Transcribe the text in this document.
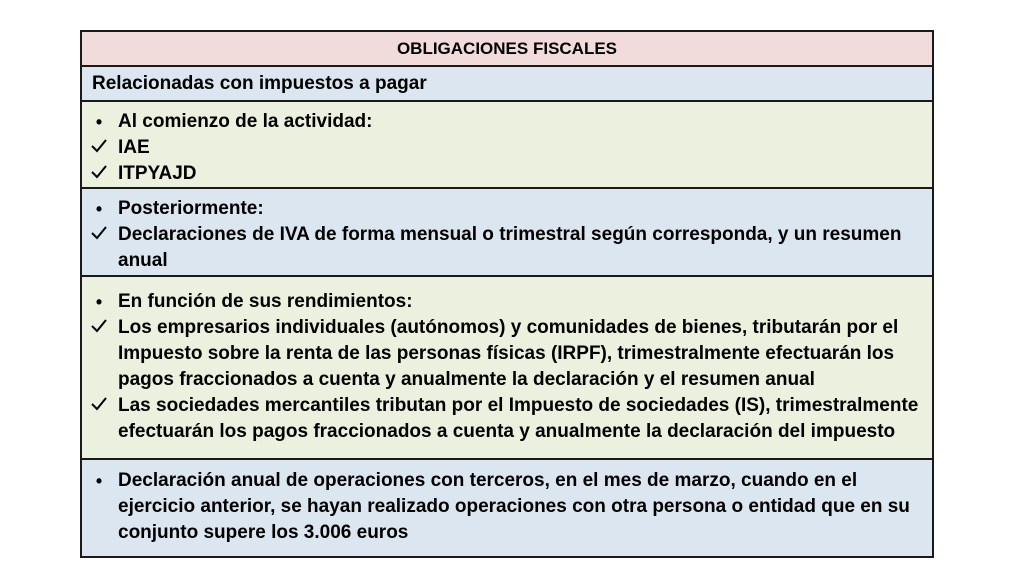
OBLIGACIONES FISCALES
Relacionadas con impuestos a pagar
• Al comienzo de la actividad:
IAE
ITPYAJD
• Posteriormente:
Declaraciones de IVA de forma mensual o trimestral según corresponda, y un resumen anual
• En función de sus rendimientos:
Los empresarios individuales (autónomos) y comunidades de bienes, tributarán por el Impuesto sobre la renta de las personas físicas (IRPF), trimestralmente efectuarán los pagos fraccionados a cuenta y anualmente la declaración y el resumen anual
Las sociedades mercantiles tributan por el Impuesto de sociedades (IS), trimestralmente efectuarán los pagos fraccionados a cuenta y anualmente la declaración del impuesto
• Declaración anual de operaciones con terceros, en el mes de marzo, cuando en el ejercicio anterior, se hayan realizado operaciones con otra persona o entidad que en su conjunto supere los 3.006 euros
